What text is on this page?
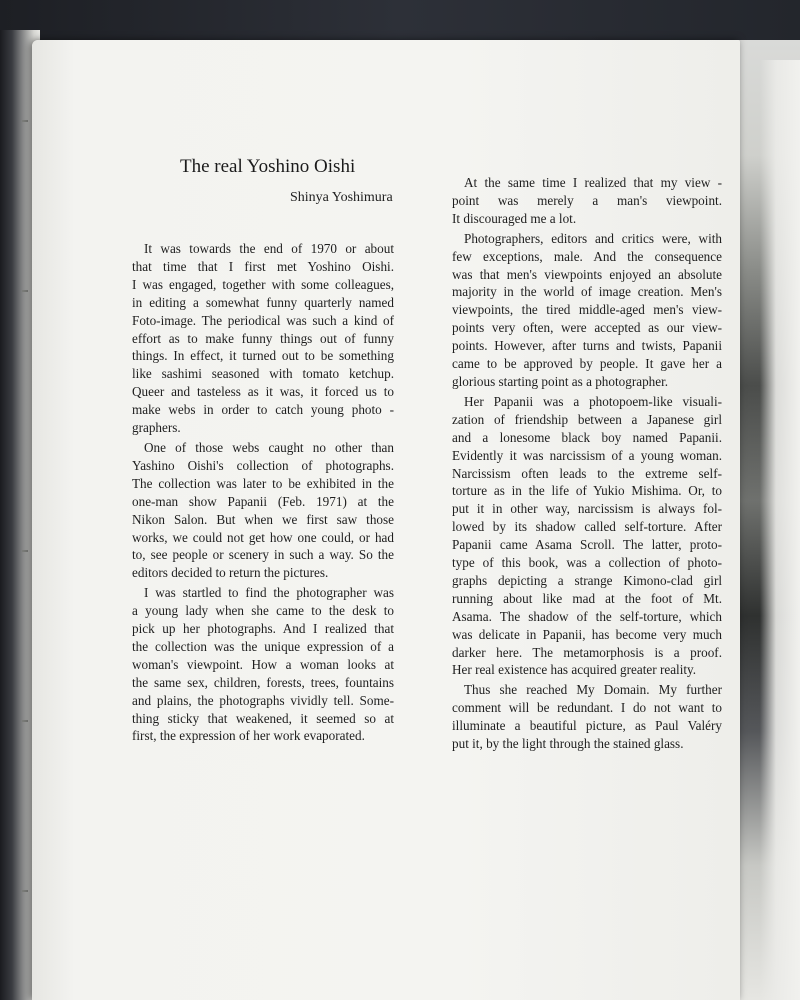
The real Yoshino Oishi
Shinya Yoshimura
It was towards the end of 1970 or about
that time that I first met Yoshino Oishi.
I was engaged, together with some colleagues,
in editing a somewhat funny quarterly named
Foto-image. The periodical was such a kind of
effort as to make funny things out of funny
things. In effect, it turned out to be something
like sashimi seasoned with tomato ketchup.
Queer and tasteless as it was, it forced us to
make webs in order to catch young photo -
graphers.
One of those webs caught no other than
Yashino Oishi's collection of photographs.
The collection was later to be exhibited in the
one-man show Papanii (Feb. 1971) at the
Nikon Salon. But when we first saw those
works, we could not get how one could, or had
to, see people or scenery in such a way. So the
editors decided to return the pictures.
I was startled to find the photographer was
a young lady when she came to the desk to
pick up her photographs. And I realized that
the collection was the unique expression of a
woman's viewpoint. How a woman looks at
the same sex, children, forests, trees, fountains
and plains, the photographs vividly tell. Some-
thing sticky that weakened, it seemed so at
first, the expression of her work evaporated.
At the same time I realized that my view -
point was merely a man's viewpoint.
It discouraged me a lot.
Photographers, editors and critics were, with
few exceptions, male. And the consequence
was that men's viewpoints enjoyed an absolute
majority in the world of image creation. Men's
viewpoints, the tired middle-aged men's view-
points very often, were accepted as our view-
points. However, after turns and twists, Papanii
came to be approved by people. It gave her a
glorious starting point as a photographer.
Her Papanii was a photopoem-like visuali-
zation of friendship between a Japanese girl
and a lonesome black boy named Papanii.
Evidently it was narcissism of a young woman.
Narcissism often leads to the extreme self-
torture as in the life of Yukio Mishima. Or, to
put it in other way, narcissism is always fol-
lowed by its shadow called self-torture. After
Papanii came Asama Scroll. The latter, proto-
type of this book, was a collection of photo-
graphs depicting a strange Kimono-clad girl
running about like mad at the foot of Mt.
Asama. The shadow of the self-torture, which
was delicate in Papanii, has become very much
darker here. The metamorphosis is a proof.
Her real existence has acquired greater reality.
Thus she reached My Domain. My further
comment will be redundant. I do not want to
illuminate a beautiful picture, as Paul Valéry
put it, by the light through the stained glass.
